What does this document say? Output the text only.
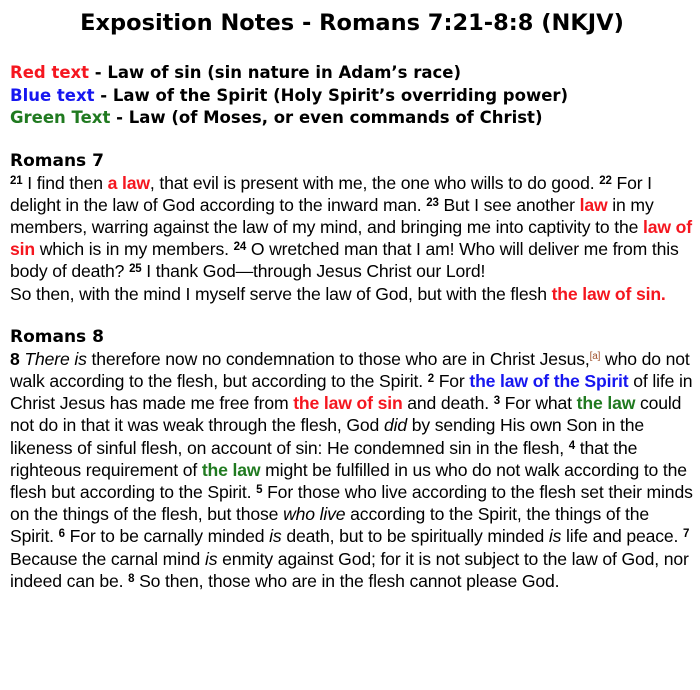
Exposition Notes - Romans 7:21-8:8 (NKJV)
Red text - Law of sin (sin nature in Adam’s race)
Blue text - Law of the Spirit (Holy Spirit’s overriding power)
Green Text - Law (of Moses, or even commands of Christ)
Romans 7

$^{21}$ I find then a law, that evil is present with me, the one who wills to do good. $^{22}$ For I delight in the law of God according to the inward man. $^{23}$ But I see another law in my members, warring against the law of my mind, and bringing me into captivity to the law of sin which is in my members. $^{24}$ O wretched man that I am! Who will deliver me from this body of death? $^{25}$ I thank God—through Jesus Christ our Lord!
So then, with the mind I myself serve the law of God, but with the flesh the law of sin.

Romans 8

8 There is therefore now no condemnation to those who are in Christ Jesus,[a] who do not walk according to the flesh, but according to the Spirit. $^2$ For the law of the Spirit of life in Christ Jesus has made me free from the law of sin and death. $^3$ For what the law could not do in that it was weak through the flesh, God did by sending His own Son in the likeness of sinful flesh, on account of sin: He condemned sin in the flesh, $^4$ that the righteous requirement of the law might be fulfilled in us who do not walk according to the flesh but according to the Spirit. $^5$ For those who live according to the flesh set their minds on the things of the flesh, but those who live according to the Spirit, the things of the Spirit. $^6$ For to be carnally minded is death, but to be spiritually minded is life and peace. $^7$ Because the carnal mind is enmity against God; for it is not subject to the law of God, nor indeed can be. $^8$ So then, those who are in the flesh cannot please God.
